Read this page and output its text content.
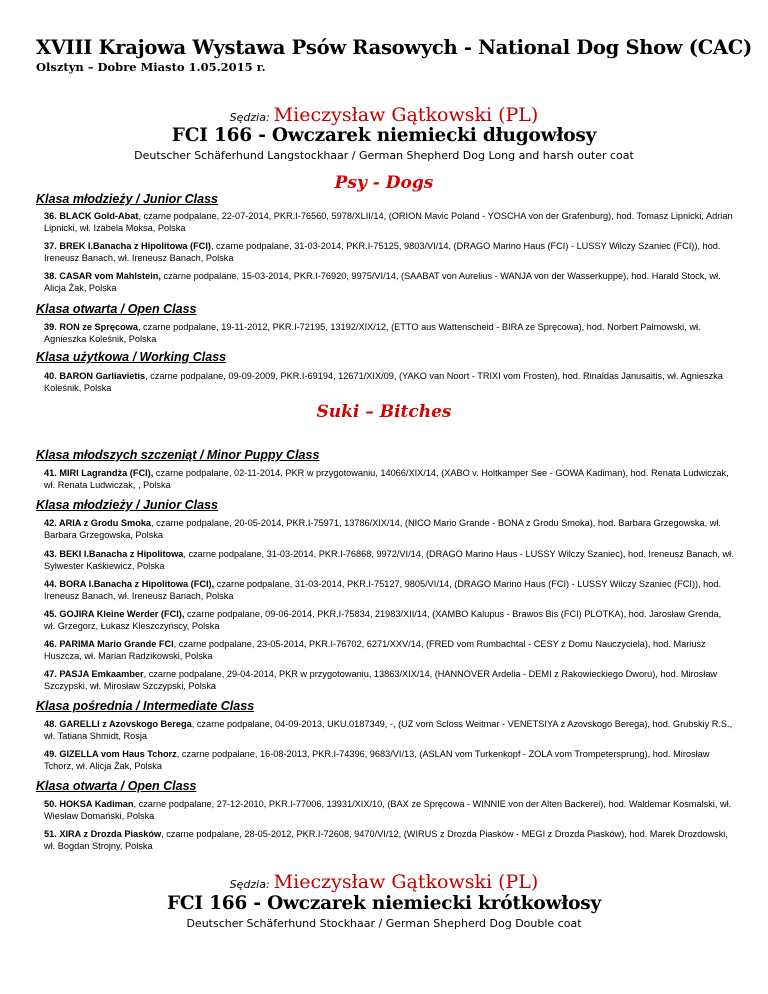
XVIII Krajowa Wystawa Psów Rasowych - National Dog Show (CAC)
Olsztyn – Dobre Miasto 1.05.2015 r.
Sędzia: Mieczysław Gątkowski (PL)
FCI 166 - Owczarek niemiecki długowłosy
Deutscher Schäferhund Langstockhaar / German Shepherd Dog Long and harsh outer coat
Psy - Dogs
Klasa młodzieży / Junior Class
36. BLACK Gold-Abat, czarne podpalane, 22-07-2014, PKR.I-76560, 5978/XLII/14, (ORION Mavic Poland - YOSCHA von der Grafenburg), hod. Tomasz Lipnicki, Adrian Lipnicki, wł. Izabela Moksa, Polska
37. BREK I.Banacha z Hipolitowa (FCI), czarne podpalane, 31-03-2014, PKR.I-75125, 9803/VI/14, (DRAGO Marino Haus (FCI) - LUSSY Wilczy Szaniec (FCI)), hod. Ireneusz Banach, wł. Ireneusz Banach, Polska
38. CASAR vom Mahlstein, czarne podpalane, 15-03-2014, PKR.I-76920, 9975/VI/14, (SAABAT von Aurelius - WANJA von der Wasserkuppe), hod. Harald Stock, wł. Alicja Żak, Polska
Klasa otwarta / Open Class
39. RON ze Spręcowa, czarne podpalane, 19-11-2012, PKR.I-72195, 13192/XIX/12, (ETTO aus Wattenscheid - BIRA ze Spręcowa), hod. Norbert Palmowski, wł. Agnieszka Koleśnik, Polska
Klasa użytkowa / Working Class
40. BARON Garliavietis, czarne podpalane, 09-09-2009, PKR.I-69194, 12671/XIX/09, (YAKO van Noort - TRIXI vom Frosten), hod. Rinaldas Janusaitis, wł. Agnieszka Koleśnik, Polska
Suki – Bitches
Klasa młodszych szczeniąt / Minor Puppy Class
41. MIRI Lagrandża (FCI), czarne podpalane, 02-11-2014, PKR w przygotowaniu, 14066/XIX/14, (XABO v. Holtkamper See - GOWA Kadiman), hod. Renata Ludwiczak, wł. Renata Ludwiczak, , Polska
Klasa młodzieży / Junior Class
42. ARIA z Grodu Smoka, czarne podpalane, 20-05-2014, PKR.I-75971, 13786/XIX/14, (NICO Mario Grande - BONA z Grodu Smoka), hod. Barbara Grzegowska, wł. Barbara Grzegowska, Polska
43. BEKI I.Banacha z Hipolitowa, czarne podpalane, 31-03-2014, PKR.I-76868, 9972/VI/14, (DRAGO Marino Haus - LUSSY Wilczy Szaniec), hod. Ireneusz Banach, wł. Sylwester Kaśkiewicz, Polska
44. BORA I.Banacha z Hipolitowa (FCI), czarne podpalane, 31-03-2014, PKR.I-75127, 9805/VI/14, (DRAGO Marino Haus (FCI) - LUSSY Wilczy Szaniec (FCI)), hod. Ireneusz Banach, wł. Ireneusz Banach, Polska
45. GOJIRA Kleine Werder (FCI), czarne podpalane, 09-06-2014, PKR.I-75834, 21983/XII/14, (XAMBO Kalupus - Brawos Bis (FCI) PLOTKA), hod. Jarosław Grenda, wł. Grzegorz, Łukasz Kleszczyńscy, Polska
46. PARIMA Mario Grande FCI, czarne podpalane, 23-05-2014, PKR.I-76702, 6271/XXV/14, (FRED vom Rumbachtal - CESY z Domu Nauczyciela), hod. Mariusz Huszcza, wł. Marian Radzikowski, Polska
47. PASJA Emkaamber, czarne podpalane, 29-04-2014, PKR w przygotowaniu, 13863/XIX/14, (HANNOVER Ardelia - DEMI z Rakowieckiego Dworu), hod. Mirosław Szczypski, wł. Mirosław Szczypski, Polska
Klasa pośrednia / Intermediate Class
48. GARELLI z Azovskogo Berega, czarne podpalane, 04-09-2013, UKU.0187349, -, (UZ vom Scloss Weitmar - VENETSIYA z Azovskogo Berega), hod. Grubskiy R.S., wł. Tatiana Shmidt, Rosja
49. GIZELLA vom Haus Tchorz, czarne podpalane, 16-08-2013, PKR.I-74396, 9683/VI/13, (ASLAN vom Turkenkopf - ZOLA vom Trompetersprung), hod. Mirosław Tchorz, wł. Alicja Żak, Polska
Klasa otwarta / Open Class
50. HOKSA Kadiman, czarne podpalane, 27-12-2010, PKR.I-77006, 13931/XIX/10, (BAX ze Spręcowa - WINNIE von der Alten Backerei), hod. Waldemar Kosmalski, wł. Wiesław Domański, Polska
51. XIRA z Drozda Piasków, czarne podpalane, 28-05-2012, PKR.I-72608, 9470/VI/12, (WIRUS z Drozda Piasków - MEGI z Drozda Piasków), hod. Marek Drozdowski, wł. Bogdan Strojny, Polska
Sędzia: Mieczysław Gątkowski (PL)
FCI 166 - Owczarek niemiecki krótkowłosy
Deutscher Schäferhund Stockhaar / German Shepherd Dog Double coat
